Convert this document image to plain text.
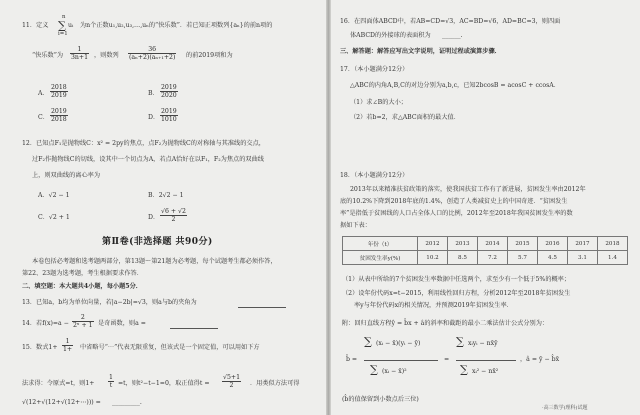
11．定义
n
∑
i=1
uᵢ 为n个正数u₁,u₂,u₃,…,uₙ的“快乐数”．若已知正项数列{aₙ}的前n项的
“快乐数”为 $\frac{1}{3n+1}$ ，则数列 $\frac{36}{\text{(aₙ+2)(aₙ₊₁+2)}}$ 的前2019项和为
A． $\frac{2018}{2019}$	B． $\frac{2019}{2020}$
C． $\frac{2019}{2018}$	D． $\frac{2019}{1010}$
12．已知点F₁是抛物线C：x² = 2py的焦点，点F₂为抛物线C的对称轴与其准线的交点，
过F₂作抛物线C的切线，设其中一个切点为A，若点A恰好在以F₁，F₂为焦点的双曲线
上，则双曲线的离心率为
A．√2 − 1	B．2√2 − 1
C．√2 + 1	D． $\frac{√6 + √2}{2}$
第Ⅱ卷(非选择题 共90分)
本卷包括必考题和选考题两部分，第13题～第21题为必考题，每个试题考生都必须作答，
第22、23题为选考题，考生根据要求作答．
二、填空题：本大题共4小题，每小题5分．
13．已知a，b均为单位向量，若|a−2b|=√3，则a与b的夹角为
14．若$f(x)=a - \frac{2}{\text{2ˣ + 1}}$ 是奇函数，则a =
15．数式$1+ \frac{1}{1+}$ 中省略号“⋯”代表无限重复，但该式是一个固定值，可以用如下方
法求得：令原式=t，则$1+ \frac{1}{t} =t$，则t²−t−1=0，取正值得$t = \frac{√5+1}{2}$ ．用类似方法可得
√(12+√(12+√(12+⋯))) = _________.
16．在四面体ABCD中，若AB=CD=√3，AC=BD=√6，AD=BC=3，则四面
体ABCD的外接球的表面积为 ______.
三、解答题：解答应写出文字说明，证明过程或演算步骤．
17．（本小题满分12分）
△ABC的内角A,B,C的对边分别为a,b,c，已知2bcosB = acosC + ccosA．
（1）求∠B的大小；
（2）若b=2，求△ABC面积的最大值．
18．（本小题满分12分）
2013年以来精准扶贫政策的落实，使我国扶贫工作有了新进展，贫困发生率由2012年
底的10.2%下降到2018年底的1.4%，创造了人类减贫史上的中国奇迹．“贫困发生
率”是指低于贫困线的人口占全体人口的比例，2012年至2018年我国贫困发生率的数
据如下表：
年份（t）	2012	2013	2014	2015	2016	2017	2018
贫困发生率y(%)	10.2	8.5	7.2	5.7	4.5	3.1	1.4
（1）从表中所给的7个贫困发生率数据中任选两个，求至少有一个低于5%的概率；
（2）设年份代码x=t−2015，利用线性回归方程，分析2012年至2018年贫困发生
率y与年份代码x的相关情况，并预测2019年贫困发生率．
附：回归直线方程ŷ = b̂x + â的斜率和截距的最小二乘法估计公式分别为：
b̂ =
∑ (xᵢ − x̄)(yᵢ − ȳ)
∑ (xᵢ − x̄)²
=
∑ xᵢyᵢ − nx̄ȳ
∑ xᵢ² − nx̄²
，â = ȳ − b̂x̄
(b̂的值保留到小数点后三位)
·高三数学(理科)试题
